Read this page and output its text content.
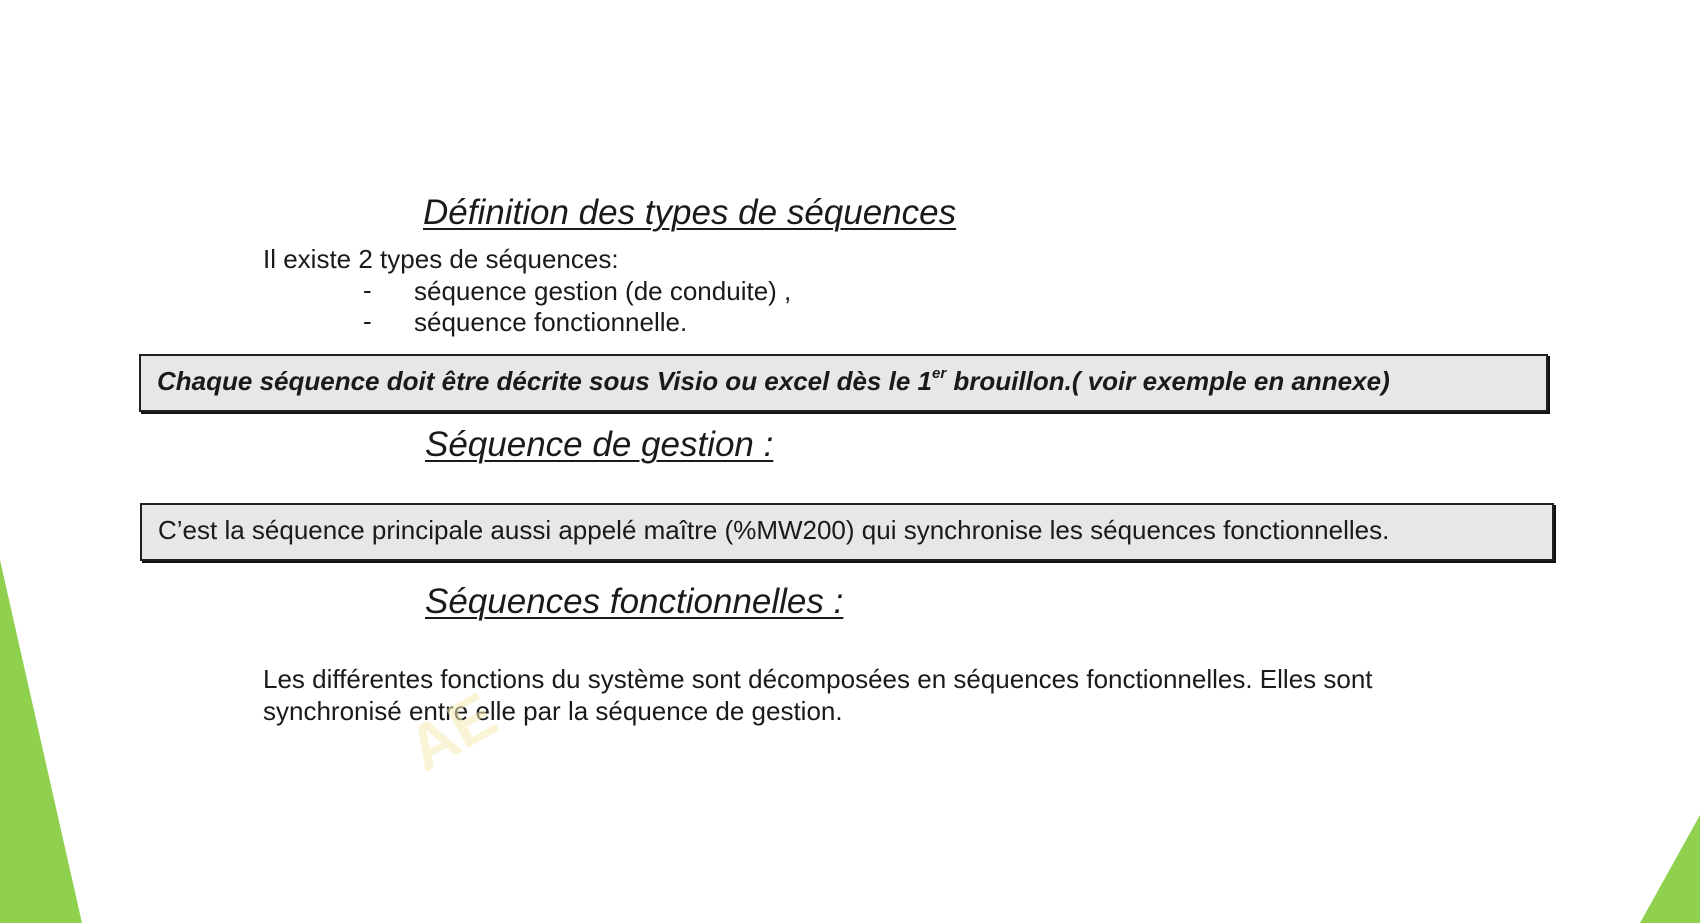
Définition des types de séquences
Il existe 2 types de séquences:
- séquence gestion (de conduite) ,
- séquence fonctionnelle.
Chaque séquence doit être décrite sous Visio ou excel dès le 1er brouillon.( voir exemple en annexe)
Séquence de gestion :
C’est la séquence principale aussi appelé maître (%MW200) qui synchronise les séquences fonctionnelles.
Séquences fonctionnelles :
Les différentes fonctions du système sont décomposées en séquences fonctionnelles. Elles sont
synchronisé entre elle par la séquence de gestion.
AE
